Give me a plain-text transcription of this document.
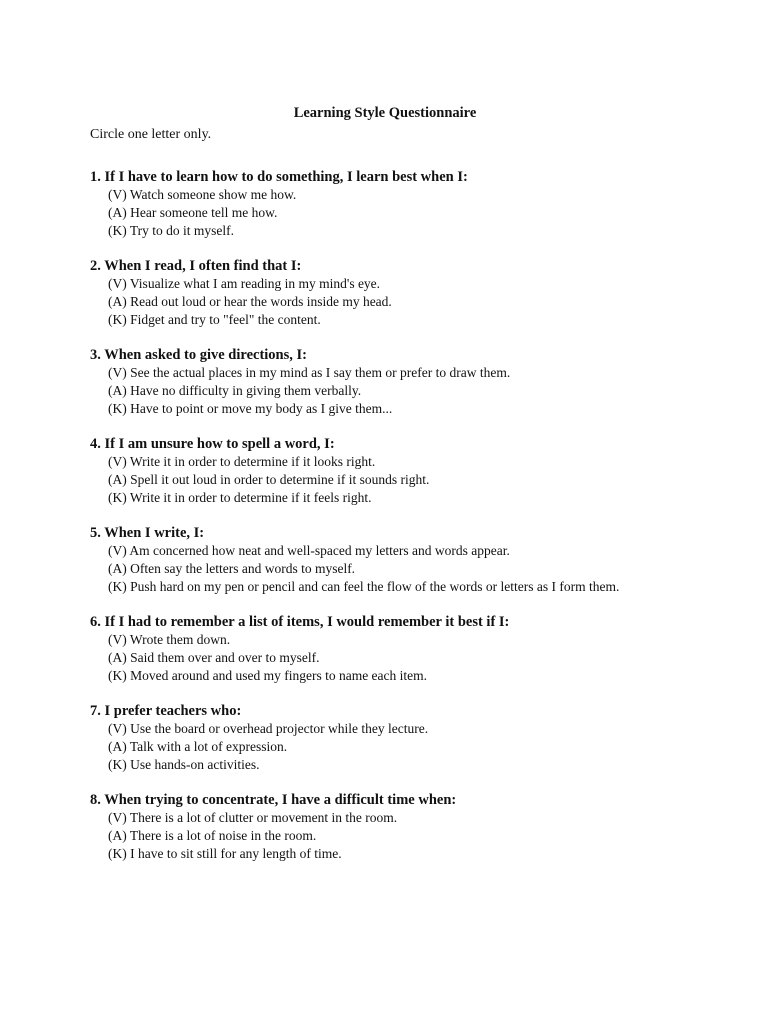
Learning Style Questionnaire

Circle one letter only.

1. If I have to learn how to do something, I learn best when I:

(V) Watch someone show me how.
(A) Hear someone tell me how.
(K) Try to do it myself.

2. When I read, I often find that I:

(V) Visualize what I am reading in my mind's eye.
(A) Read out loud or hear the words inside my head.
(K) Fidget and try to "feel" the content.

3. When asked to give directions, I:

(V) See the actual places in my mind as I say them or prefer to draw them.
(A) Have no difficulty in giving them verbally.
(K) Have to point or move my body as I give them...

4. If I am unsure how to spell a word, I:

(V) Write it in order to determine if it looks right.
(A) Spell it out loud in order to determine if it sounds right.
(K) Write it in order to determine if it feels right.

5. When I write, I:

(V) Am concerned how neat and well-spaced my letters and words appear.
(A) Often say the letters and words to myself.
(K) Push hard on my pen or pencil and can feel the flow of the words or letters as I form them.

6. If I had to remember a list of items, I would remember it best if I:

(V) Wrote them down.
(A) Said them over and over to myself.
(K) Moved around and used my fingers to name each item.

7. I prefer teachers who:

(V) Use the board or overhead projector while they lecture.
(A) Talk with a lot of expression.
(K) Use hands-on activities.

8. When trying to concentrate, I have a difficult time when:

(V) There is a lot of clutter or movement in the room.
(A) There is a lot of noise in the room.
(K) I have to sit still for any length of time.
